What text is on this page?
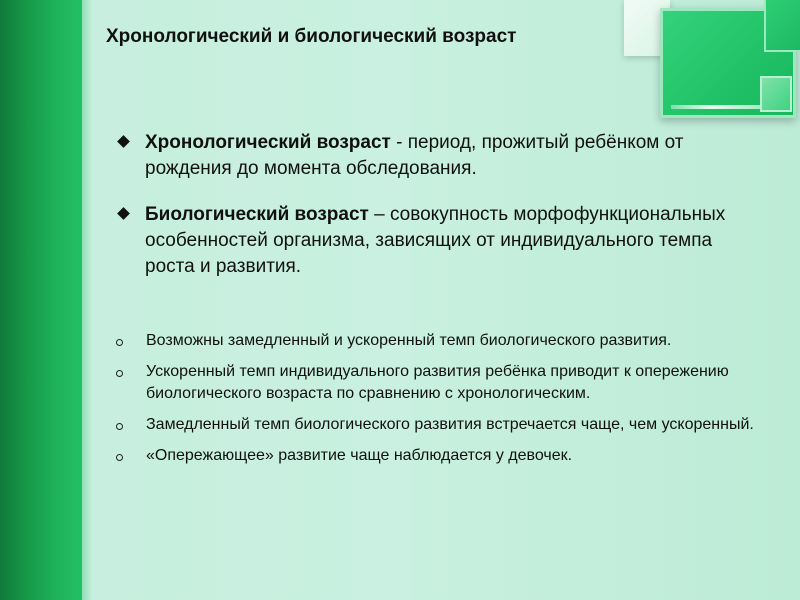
Хронологический и биологический возраст
Хронологический возраст - период, прожитый ребёнком от рождения до момента обследования.
Биологический возраст – совокупность морфофункциональных особенностей организма, зависящих от индивидуального темпа роста и развития.
Возможны замедленный и ускоренный темп биологического развития.
Ускоренный темп индивидуального развития ребёнка приводит к опережению биологического возраста по сравнению с хронологическим.
Замедленный темп биологического развития встречается чаще, чем ускоренный.
«Опережающее» развитие чаще наблюдается у девочек.
